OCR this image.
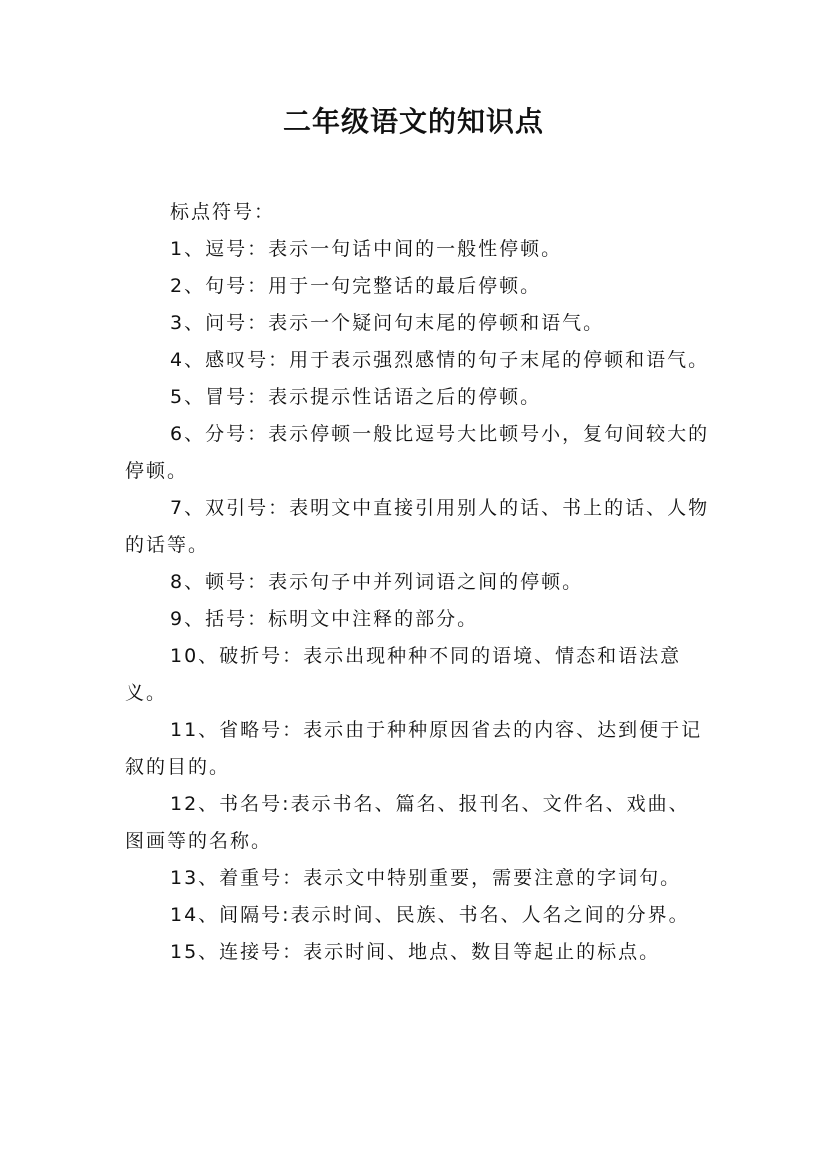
二年级语文的知识点

标点符号：

1、逗号：表示一句话中间的一般性停顿。

2、句号：用于一句完整话的最后停顿。

3、问号：表示一个疑问句末尾的停顿和语气。

4、感叹号：用于表示强烈感情的句子末尾的停顿和语气。

5、冒号：表示提示性话语之后的停顿。

6、分号：表示停顿一般比逗号大比顿号小，复句间较大的停顿。

7、双引号：表明文中直接引用别人的话、书上的话、人物的话等。

8、顿号：表示句子中并列词语之间的停顿。

9、括号：标明文中注释的部分。

10、破折号：表示出现种种不同的语境、情态和语法意义。

11、省略号：表示由于种种原因省去的内容、达到便于记叙的目的。

12、书名号:表示书名、篇名、报刊名、文件名、戏曲、图画等的名称。

13、着重号：表示文中特别重要，需要注意的字词句。

14、间隔号:表示时间、民族、书名、人名之间的分界。

15、连接号：表示时间、地点、数目等起止的标点。
